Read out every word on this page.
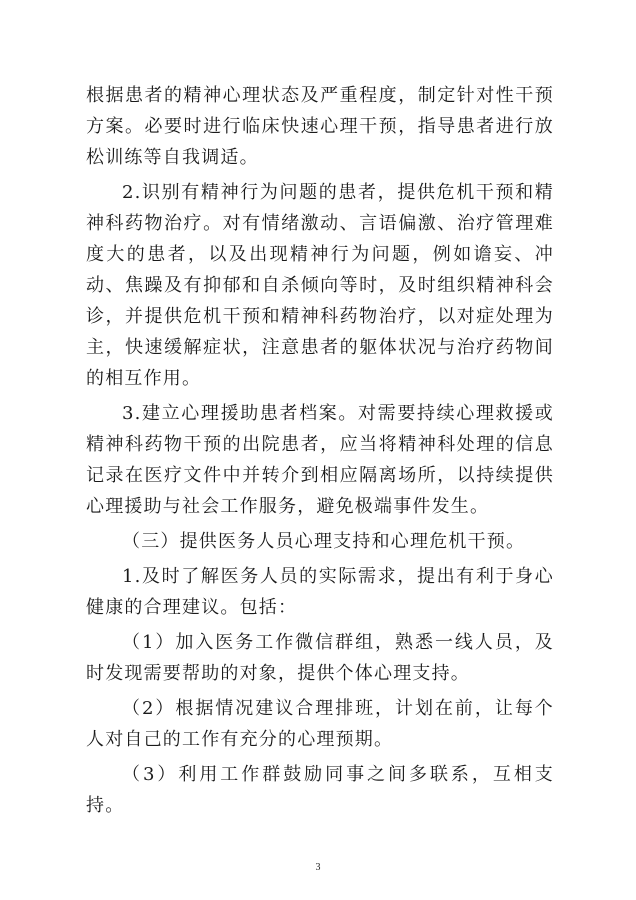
根据患者的精神心理状态及严重程度，制定针对性干预方案。必要时进行临床快速心理干预，指导患者进行放松训练等自我调适。

2.识别有精神行为问题的患者，提供危机干预和精神科药物治疗。对有情绪激动、言语偏激、治疗管理难度大的患者，以及出现精神行为问题，例如谵妄、冲动、焦躁及有抑郁和自杀倾向等时，及时组织精神科会诊，并提供危机干预和精神科药物治疗，以对症处理为主，快速缓解症状，注意患者的躯体状况与治疗药物间的相互作用。

3.建立心理援助患者档案。对需要持续心理救援或精神科药物干预的出院患者，应当将精神科处理的信息记录在医疗文件中并转介到相应隔离场所，以持续提供心理援助与社会工作服务，避免极端事件发生。

（三）提供医务人员心理支持和心理危机干预。

1.及时了解医务人员的实际需求，提出有利于身心健康的合理建议。包括：

（1）加入医务工作微信群组，熟悉一线人员，及时发现需要帮助的对象，提供个体心理支持。

（2）根据情况建议合理排班，计划在前，让每个人对自己的工作有充分的心理预期。

（3）利用工作群鼓励同事之间多联系，互相支持。

3
